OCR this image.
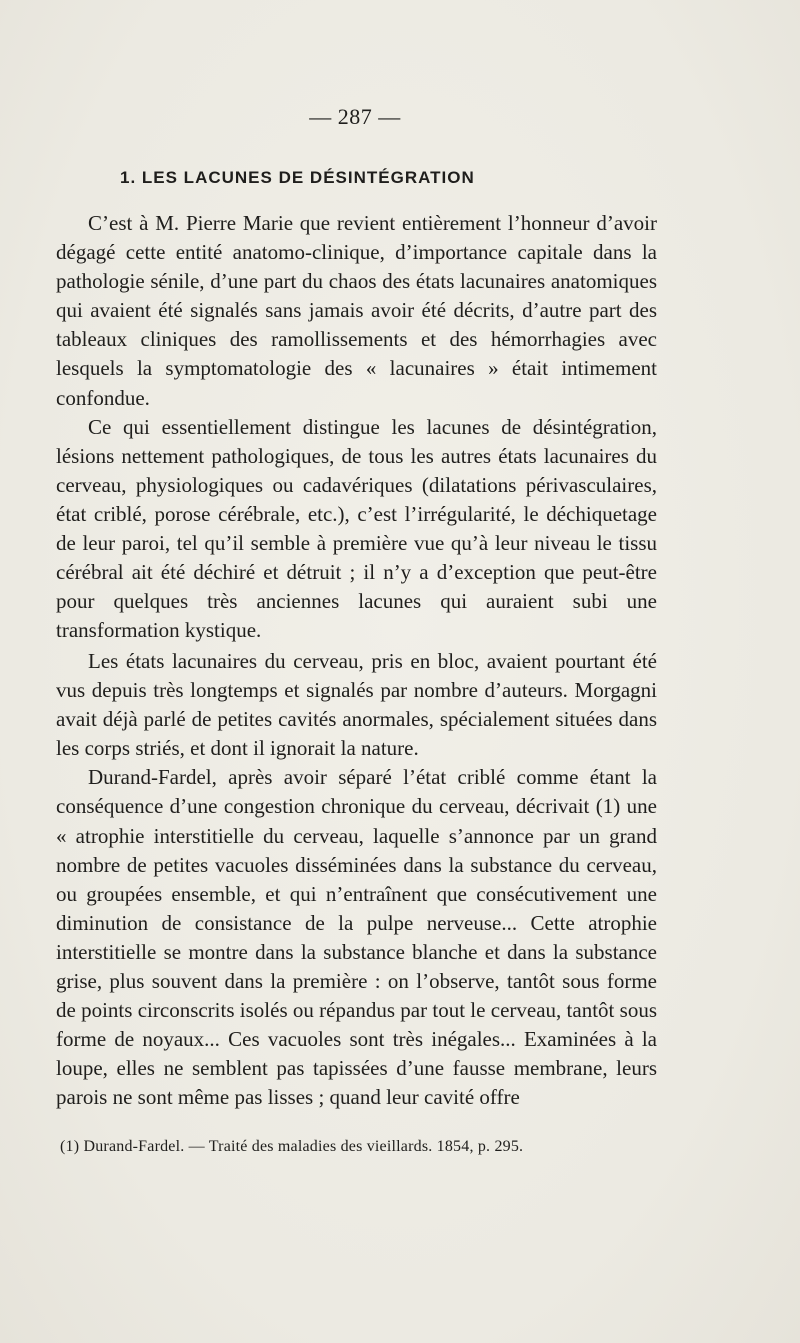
— 287 —
1. LES LACUNES DE DÉSINTÉGRATION

C’est à M. Pierre Marie que revient entièrement l’honneur d’avoir dégagé cette entité anatomo-clinique, d’importance capitale dans la pathologie sénile, d’une part du chaos des états lacunaires anatomiques qui avaient été signalés sans jamais avoir été décrits, d’autre part des tableaux cliniques des ramollissements et des hémorrhagies avec lesquels la symptomatologie des « lacunaires » était intimement confondue.

Ce qui essentiellement distingue les lacunes de désintégration, lésions nettement pathologiques, de tous les autres états lacunaires du cerveau, physiologiques ou cadavériques (dilatations périvasculaires, état criblé, porose cérébrale, etc.), c’est l’irrégularité, le déchiquetage de leur paroi, tel qu’il semble à première vue qu’à leur niveau le tissu cérébral ait été déchiré et détruit ; il n’y a d’exception que peut-être pour quelques très anciennes lacunes qui auraient subi une transformation kystique.

Les états lacunaires du cerveau, pris en bloc, avaient pourtant été vus depuis très longtemps et signalés par nombre d’auteurs. Morgagni avait déjà parlé de petites cavités anormales, spécialement situées dans les corps striés, et dont il ignorait la nature.

Durand-Fardel, après avoir séparé l’état criblé comme étant la conséquence d’une congestion chronique du cerveau, décrivait (1) une « atrophie interstitielle du cerveau, laquelle s’annonce par un grand nombre de petites vacuoles disséminées dans la substance du cerveau, ou groupées ensemble, et qui n’entraînent que consécutivement une diminution de consistance de la pulpe nerveuse... Cette atrophie interstitielle se montre dans la substance blanche et dans la substance grise, plus souvent dans la première : on l’observe, tantôt sous forme de points circonscrits isolés ou répandus par tout le cerveau, tantôt sous forme de noyaux... Ces vacuoles sont très inégales... Examinées à la loupe, elles ne semblent pas tapissées d’une fausse membrane, leurs parois ne sont même pas lisses ; quand leur cavité offre

(1) Durand-Fardel. — Traité des maladies des vieillards. 1854, p. 295.
